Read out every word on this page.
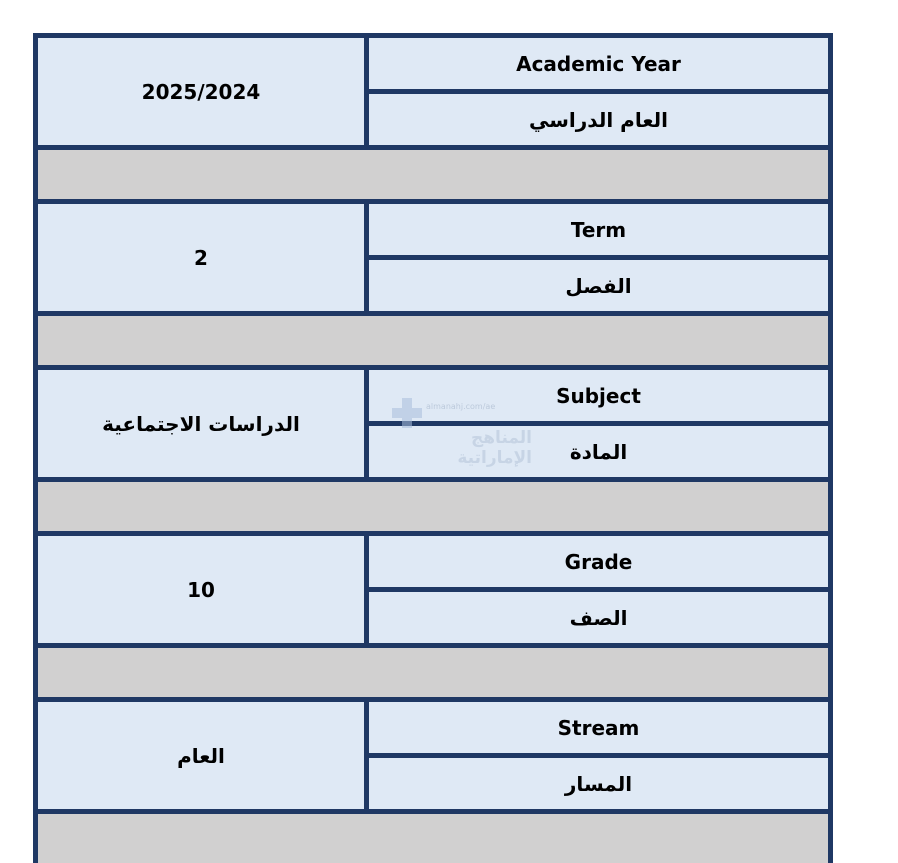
2025/2024
Academic Year
العام الدراسي
2
Term
الفصل
الدراسات الاجتماعية
Subject
المادة
10
Grade
الصف
العام
Stream
المسار
almanahj.com/ae
المناهج الإماراتية
